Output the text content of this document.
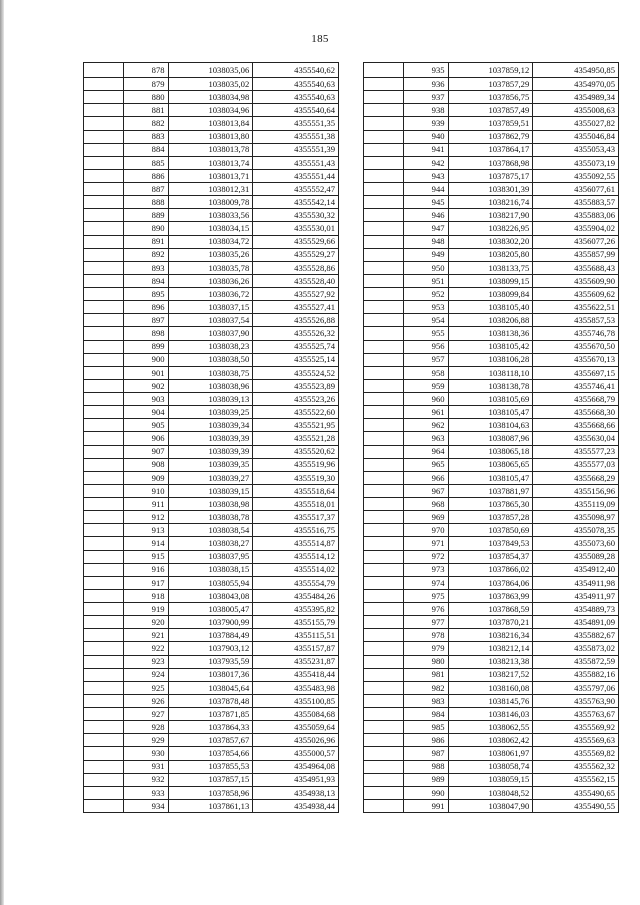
185
	878	1038035,06	4355540,62
	879	1038035,02	4355540,63
	880	1038034,98	4355540,63
	881	1038034,96	4355540,64
	882	1038013,84	4355551,35
	883	1038013,80	4355551,38
	884	1038013,78	4355551,39
	885	1038013,74	4355551,43
	886	1038013,71	4355551,44
	887	1038012,31	4355552,47
	888	1038009,78	4355542,14
	889	1038033,56	4355530,32
	890	1038034,15	4355530,01
	891	1038034,72	4355529,66
	892	1038035,26	4355529,27
	893	1038035,78	4355528,86
	894	1038036,26	4355528,40
	895	1038036,72	4355527,92
	896	1038037,15	4355527,41
	897	1038037,54	4355526,88
	898	1038037,90	4355526,32
	899	1038038,23	4355525,74
	900	1038038,50	4355525,14
	901	1038038,75	4355524,52
	902	1038038,96	4355523,89
	903	1038039,13	4355523,26
	904	1038039,25	4355522,60
	905	1038039,34	4355521,95
	906	1038039,39	4355521,28
	907	1038039,39	4355520,62
	908	1038039,35	4355519,96
	909	1038039,27	4355519,30
	910	1038039,15	4355518,64
	911	1038038,98	4355518,01
	912	1038038,78	4355517,37
	913	1038038,54	4355516,75
	914	1038038,27	4355514,87
	915	1038037,95	4355514,12
	916	1038038,15	4355514,02
	917	1038055,94	4355554,79
	918	1038043,08	4355484,26
	919	1038005,47	4355395,82
	920	1037900,99	4355155,79
	921	1037884,49	4355115,51
	922	1037903,12	4355157,87
	923	1037935,59	4355231,87
	924	1038017,36	4355418,44
	925	1038045,64	4355483,98
	926	1037878,48	4355100,85
	927	1037871,85	4355084,68
	928	1037864,33	4355059,64
	929	1037857,67	4355026,96
	930	1037854,66	4355000,57
	931	1037855,53	4354964,08
	932	1037857,15	4354951,93
	933	1037858,96	4354938,13
	934	1037861,13	4354938,44
	935	1037859,12	4354950,85
	936	1037857,29	4354970,05
	937	1037856,75	4354989,34
	938	1037857,49	4355008,63
	939	1037859,51	4355027,82
	940	1037862,79	4355046,84
	941	1037864,17	4355053,43
	942	1037868,98	4355073,19
	943	1037875,17	4355092,55
	944	1038301,39	4356077,61
	945	1038216,74	4355883,57
	946	1038217,90	4355883,06
	947	1038226,95	4355904,02
	948	1038302,20	4356077,26
	949	1038205,80	4355857,99
	950	1038133,75	4355688,43
	951	1038099,15	4355609,90
	952	1038099,84	4355609,62
	953	1038105,40	4355622,51
	954	1038206,88	4355857,53
	955	1038138,36	4355746,78
	956	1038105,42	4355670,50
	957	1038106,28	4355670,13
	958	1038118,10	4355697,15
	959	1038138,78	4355746,41
	960	1038105,69	4355668,79
	961	1038105,47	4355668,30
	962	1038104,63	4355668,66
	963	1038087,96	4355630,04
	964	1038065,18	4355577,23
	965	1038065,65	4355577,03
	966	1038105,47	4355668,29
	967	1037881,97	4355156,96
	968	1037865,30	4355119,09
	969	1037857,28	4355098,97
	970	1037850,69	4355078,35
	971	1037849,53	4355073,60
	972	1037854,37	4355089,28
	973	1037866,02	4354912,40
	974	1037864,06	4354911,98
	975	1037863,99	4354911,97
	976	1037868,59	4354889,73
	977	1037870,21	4354891,09
	978	1038216,34	4355882,67
	979	1038212,14	4355873,02
	980	1038213,38	4355872,59
	981	1038217,52	4355882,16
	982	1038160,08	4355797,06
	983	1038145,76	4355763,90
	984	1038146,03	4355763,67
	985	1038062,55	4355569,92
	986	1038062,42	4355569,63
	987	1038061,97	4355569,82
	988	1038058,74	4355562,32
	989	1038059,15	4355562,15
	990	1038048,52	4355490,65
	991	1038047,90	4355490,55
